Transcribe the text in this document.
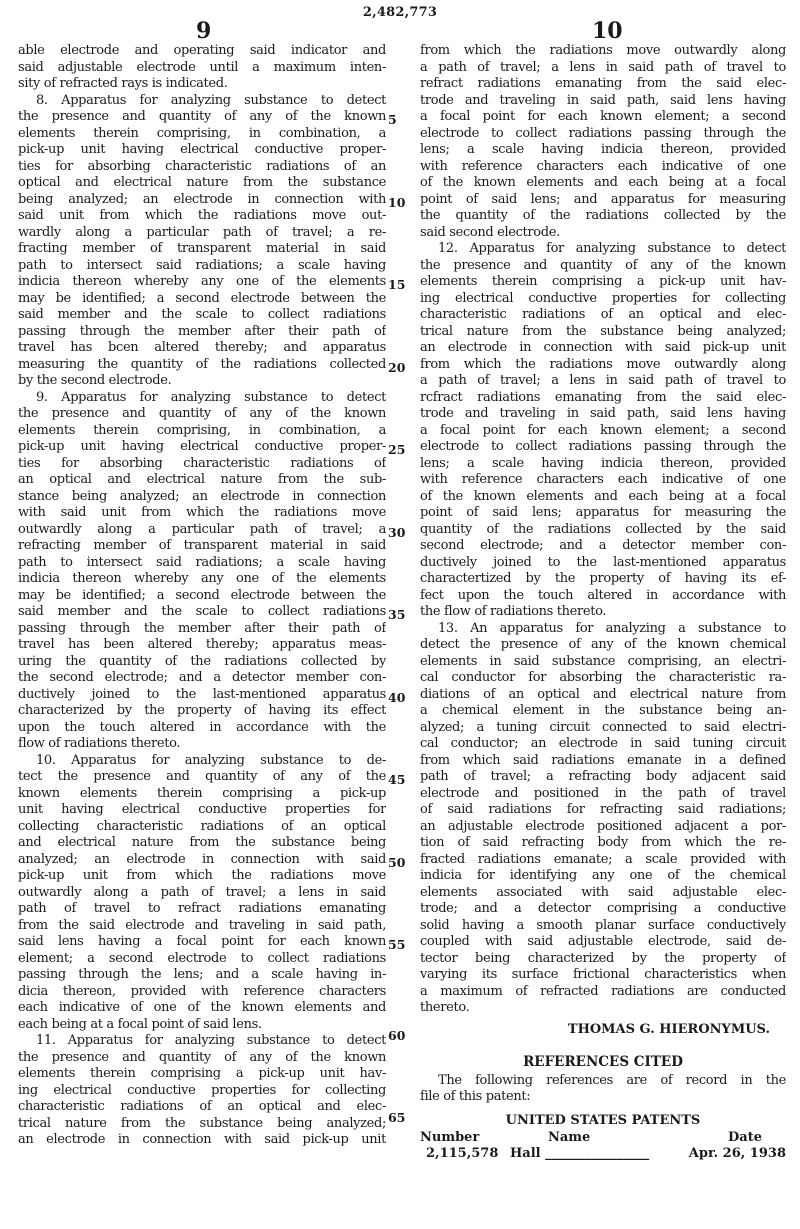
2,482,773
9	10
able electrode and operating said indicator and
said adjustable electrode until a maximum inten-
sity of refracted rays is indicated.
8. Apparatus for analyzing substance to detect
the presence and quantity of any of the known
elements therein comprising, in combination, a
pick-up unit having electrical conductive proper-
ties for absorbing characteristic radiations of an
optical and electrical nature from the substance
being analyzed; an electrode in connection with
said unit from which the radiations move out-
wardly along a particular path of travel; a re-
fracting member of transparent material in said
path to intersect said radiations; a scale having
indicia thereon whereby any one of the elements
may be identified; a second electrode between the
said member and the scale to collect radiations
passing through the member after their path of
travel has bcen altered thereby; and apparatus
measuring the quantity of the radiations collected
by the second electrode.
9. Apparatus for analyzing substance to detect
the presence and quantity of any of the known
elements therein comprising, in combination, a
pick-up unit having electrical conductive proper-
ties for absorbing characteristic radiations of
an optical and electrical nature from the sub-
stance being analyzed; an electrode in connection
with said unit from which the radiations move
outwardly along a particular path of travel; a
refracting member of transparent material in said
path to intersect said radiations; a scale having
indicia thereon whereby any one of the elements
may be identified; a second electrode between the
said member and the scale to collect radiations
passing through the member after their path of
travel has been altered thereby; apparatus meas-
uring the quantity of the radiations collected by
the second electrode; and a detector member con-
ductively joined to the last-mentioned apparatus
characterized by the property of having its effect
upon the touch altered in accordance with the
flow of radiations thereto.
10. Apparatus for analyzing substance to de-
tect the presence and quantity of any of the
known elements therein comprising a pick-up
unit having electrical conductive properties for
collecting characteristic radiations of an optical
and electrical nature from the substance being
analyzed; an electrode in connection with said
pick-up unit from which the radiations move
outwardly along a path of travel; a lens in said
path of travel to refract radiations emanating
from the said electrode and traveling in said path,
said lens having a focal point for each known
element; a second electrode to collect radiations
passing through the lens; and a scale having in-
dicia thereon, provided with reference characters
each indicative of one of the known elements and
each being at a focal point of said lens.
11. Apparatus for analyzing substance to detect
the presence and quantity of any of the known
elements therein comprising a pick-up unit hav-
ing electrical conductive properties for collecting
characteristic radiations of an optical and elec-
trical nature from the substance being analyzed;
an electrode in connection with said pick-up unit
5
10
15
20
25
30
35
40
45
50
55
60
65
from which the radiations move outwardly along
a path of travel; a lens in said path of travel to
refract radiations emanating from the said elec-
trode and traveling in said path, said lens having
a focal point for each known element; a second
electrode to collect radiations passing through the
lens; a scale having indicia thereon, provided
with reference characters each indicative of one
of the known elements and each being at a focal
point of said lens; and apparatus for measuring
the quantity of the radiations collected by the
said second electrode.
12. Apparatus for analyzing substance to detect
the presence and quantity of any of the known
elements therein comprising a pick-up unit hav-
ing electrical conductive properties for collecting
characteristic radiations of an optical and elec-
trical nature from the substance being analyzed;
an electrode in connection with said pick-up unit
from which the radiations move outwardly along
a path of travel; a lens in said path of travel to
rcfract radiations emanating from the said elec-
trode and traveling in said path, said lens having
a focal point for each known element; a second
electrode to collect radiations passing through the
lens; a scale having indicia thereon, provided
with reference characters each indicative of one
of the known elements and each being at a focal
point of said lens; apparatus for measuring the
quantity of the radiations collected by the said
second electrode; and a detector member con-
ductively joined to the last-mentioned apparatus
charactertized by the property of having its ef-
fect upon the touch altered in accordance with
the flow of radiations thereto.
13. An apparatus for analyzing a substance to
detect the presence of any of the known chemical
elements in said substance comprising, an electri-
cal conductor for absorbing the characteristic ra-
diations of an optical and electrical nature from
a chemical element in the substance being an-
alyzed; a tuning circuit connected to said electri-
cal conductor; an electrode in said tuning circuit
from which said radiations emanate in a defined
path of travel; a refracting body adjacent said
electrode and positioned in the path of travel
of said radiations for refracting said radiations;
an adjustable electrode positioned adjacent a por-
tion of said refracting body from which the re-
fracted radiations emanate; a scale provided with
indicia for identifying any one of the chemical
elements associated with said adjustable elec-
trode; and a detector comprising a conductive
solid having a smooth planar surface conductively
coupled with said adjustable electrode, said de-
tector being characterized by the property of
varying its surface frictional characteristics when
a maximum of refracted radiations are conducted
thereto.
THOMAS G. HIERONYMUS.
REFERENCES CITED
The following references are of record in the
file of this patent:
UNITED STATES PATENTS
Number	Name	Date
2,115,578	Hall ________________	Apr. 26, 1938
